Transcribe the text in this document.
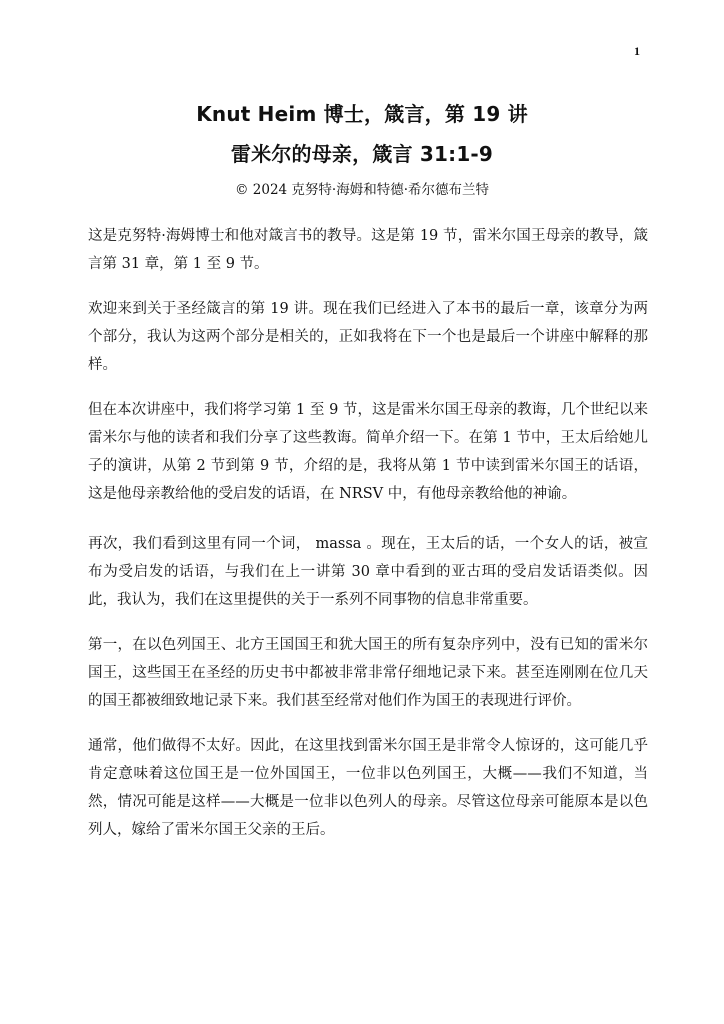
1
Knut Heim 博士，箴言，第 19 讲
雷米尔的母亲，箴言 31:1-9
© 2024 克努特·海姆和特德·希尔德布兰特

这是克努特·海姆博士和他对箴言书的教导。这是第 19 节，雷米尔国王母亲的教导，箴言第 31 章，第 1 至 9 节。

欢迎来到关于圣经箴言的第 19 讲。现在我们已经进入了本书的最后一章，该章分为两个部分，我认为这两个部分是相关的，正如我将在下一个也是最后一个讲座中解释的那样。

但在本次讲座中，我们将学习第 1 至 9 节，这是雷米尔国王母亲的教诲，几个世纪以来雷米尔与他的读者和我们分享了这些教诲。简单介绍一下。在第 1 节中，王太后给她儿子的演讲，从第 2 节到第 9 节，介绍的是，我将从第 1 节中读到雷米尔国王的话语，这是他母亲教给他的受启发的话语，在 NRSV 中，有他母亲教给他的神谕。

再次，我们看到这里有同一个词， massa 。现在，王太后的话，一个女人的话，被宣布为受启发的话语，与我们在上一讲第 30 章中看到的亚古珥的受启发话语类似。因此，我认为，我们在这里提供的关于一系列不同事物的信息非常重要。

第一，在以色列国王、北方王国国王和犹大国王的所有复杂序列中，没有已知的雷米尔国王，这些国王在圣经的历史书中都被非常非常仔细地记录下来。甚至连刚刚在位几天的国王都被细致地记录下来。我们甚至经常对他们作为国王的表现进行评价。

通常，他们做得不太好。因此，在这里找到雷米尔国王是非常令人惊讶的，这可能几乎肯定意味着这位国王是一位外国国王，一位非以色列国王，大概——我们不知道，当然，情况可能是这样——大概是一位非以色列人的母亲。尽管这位母亲可能原本是以色列人，嫁给了雷米尔国王父亲的王后。
